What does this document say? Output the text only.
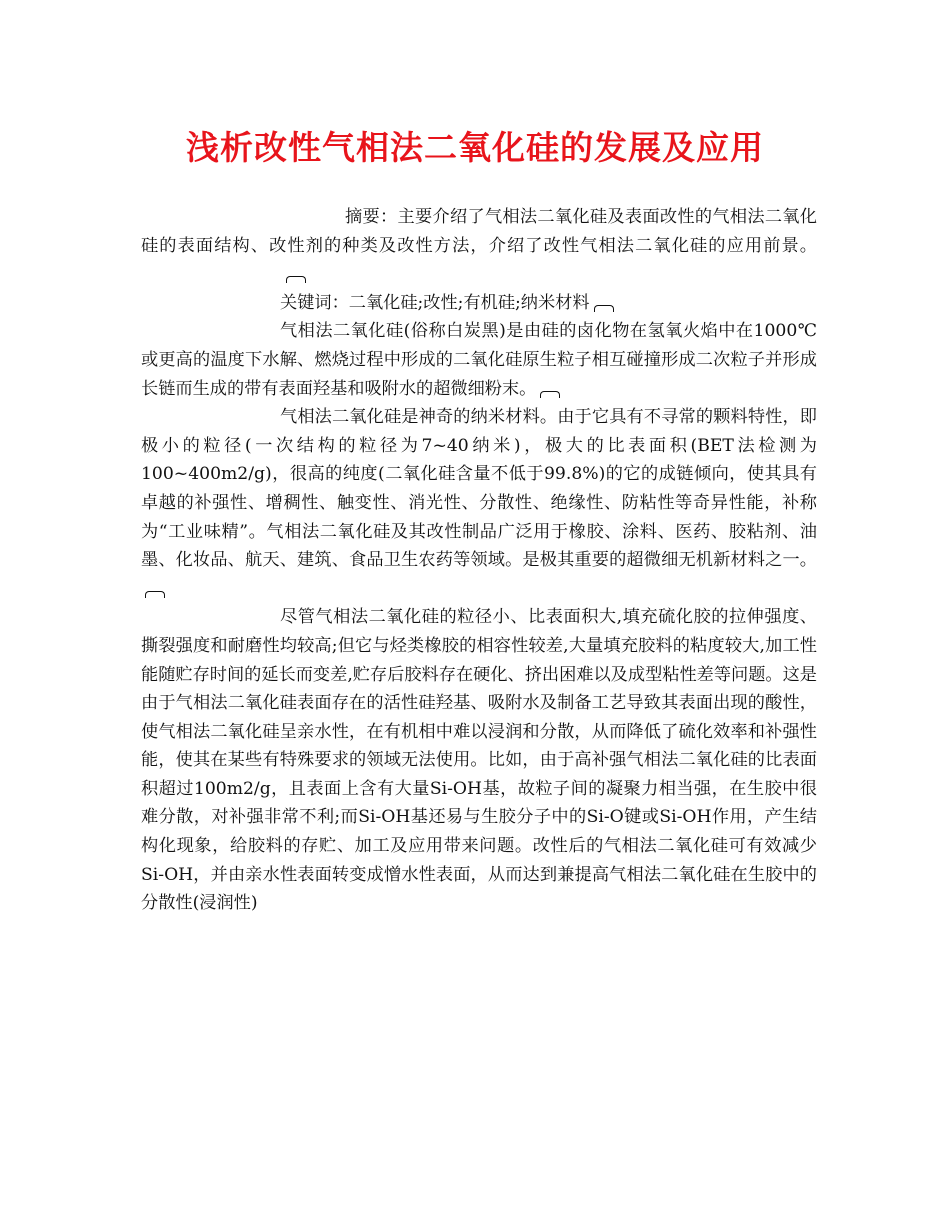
浅析改性气相法二氧化硅的发展及应用

摘要：主要介绍了气相法二氧化硅及表面改性的气相法二氧化硅的表面结构、改性剂的种类及改性方法，介绍了改性气相法二氧化硅的应用前景。

关键词：二氧化硅;改性;有机硅;纳米材料

气相法二氧化硅(俗称白炭黑)是由硅的卤化物在氢氧火焰中在1000℃或更高的温度下水解、燃烧过程中形成的二氧化硅原生粒子相互碰撞形成二次粒子并形成长链而生成的带有表面羟基和吸附水的超微细粉末。

气相法二氧化硅是神奇的纳米材料。由于它具有不寻常的颗料特性，即极小的粒径(一次结构的粒径为7~40纳米)，极大的比表面积(BET法检测为100~400m2/g)，很高的纯度(二氧化硅含量不低于99.8%)的它的成链倾向，使其具有卓越的补强性、增稠性、触变性、消光性、分散性、绝缘性、防粘性等奇异性能，补称为“工业味精”。气相法二氧化硅及其改性制品广泛用于橡胶、涂料、医药、胶粘剂、油墨、化妆品、航天、建筑、食品卫生农药等领域。是极其重要的超微细无机新材料之一。

尽管气相法二氧化硅的粒径小、比表面积大,填充硫化胶的拉伸强度、撕裂强度和耐磨性均较高;但它与烃类橡胶的相容性较差,大量填充胶料的粘度较大,加工性能随贮存时间的延长而变差,贮存后胶料存在硬化、挤出困难以及成型粘性差等问题。这是由于气相法二氧化硅表面存在的活性硅羟基、吸附水及制备工艺导致其表面出现的酸性，使气相法二氧化硅呈亲水性，在有机相中难以浸润和分散，从而降低了硫化效率和补强性能，使其在某些有特殊要求的领域无法使用。比如，由于高补强气相法二氧化硅的比表面积超过100m2/g，且表面上含有大量Si-OH基，故粒子间的凝聚力相当强，在生胶中很难分散，对补强非常不利;而Si-OH基还易与生胶分子中的Si-O键或Si-OH作用，产生结构化现象，给胶料的存贮、加工及应用带来问题。改性后的气相法二氧化硅可有效减少Si-OH，并由亲水性表面转变成憎水性表面，从而达到兼提高气相法二氧化硅在生胶中的分散性(浸润性)
